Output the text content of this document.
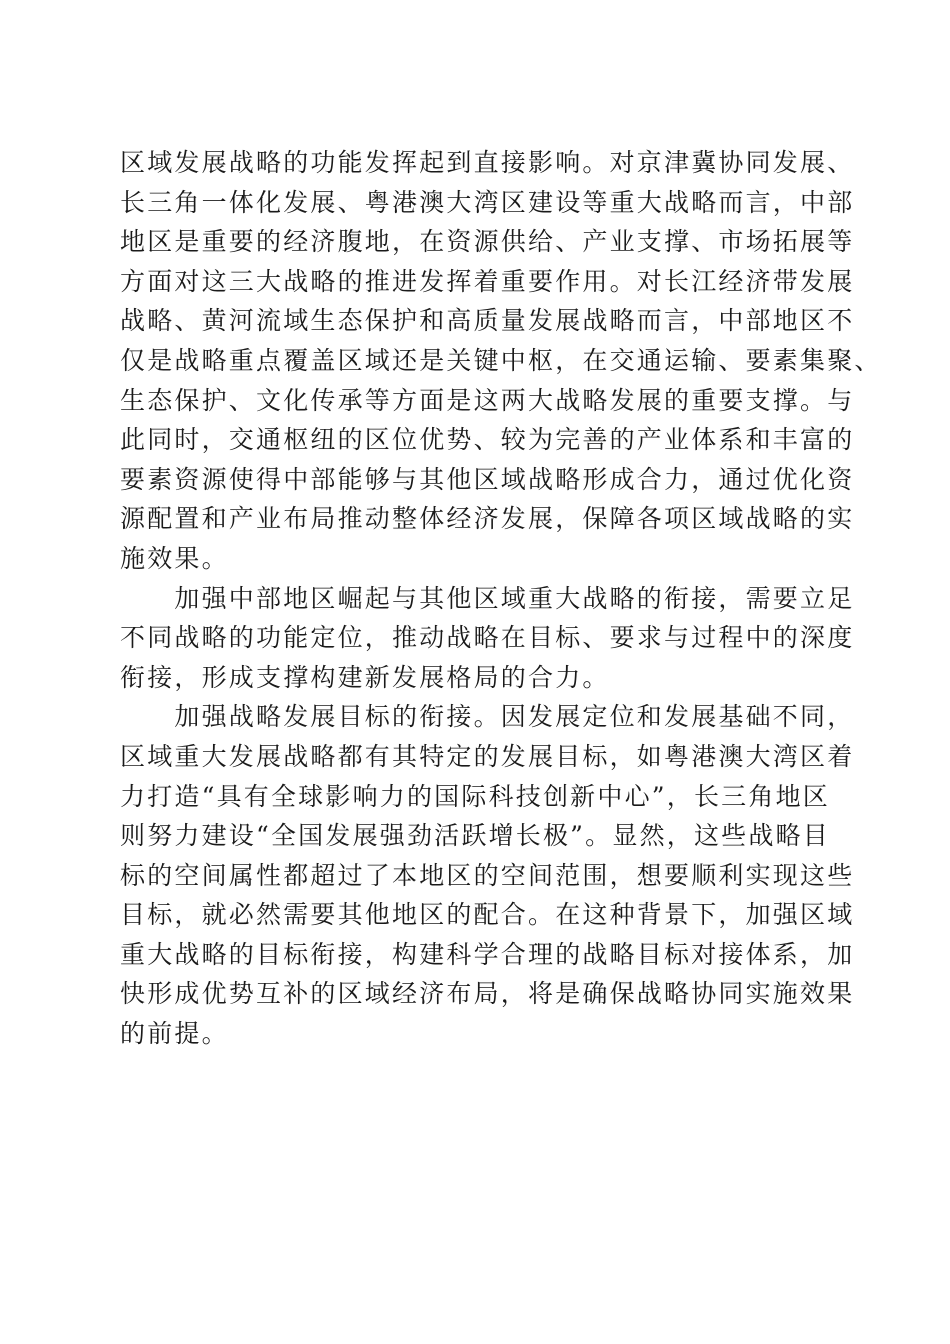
区域发展战略的功能发挥起到直接影响。对京津冀协同发展、
长三角一体化发展、粤港澳大湾区建设等重大战略而言，中部
地区是重要的经济腹地，在资源供给、产业支撑、市场拓展等
方面对这三大战略的推进发挥着重要作用。对长江经济带发展
战略、黄河流域生态保护和高质量发展战略而言，中部地区不
仅是战略重点覆盖区域还是关键中枢，在交通运输、要素集聚、
生态保护、文化传承等方面是这两大战略发展的重要支撑。与
此同时，交通枢纽的区位优势、较为完善的产业体系和丰富的
要素资源使得中部能够与其他区域战略形成合力，通过优化资
源配置和产业布局推动整体经济发展，保障各项区域战略的实
施效果。
　　加强中部地区崛起与其他区域重大战略的衔接，需要立足
不同战略的功能定位，推动战略在目标、要求与过程中的深度
衔接，形成支撑构建新发展格局的合力。
　　加强战略发展目标的衔接。因发展定位和发展基础不同，
区域重大发展战略都有其特定的发展目标，如粤港澳大湾区着
力打造“具有全球影响力的国际科技创新中心”，长三角地区
则努力建设“全国发展强劲活跃增长极”。显然，这些战略目
标的空间属性都超过了本地区的空间范围，想要顺利实现这些
目标，就必然需要其他地区的配合。在这种背景下，加强区域
重大战略的目标衔接，构建科学合理的战略目标对接体系，加
快形成优势互补的区域经济布局，将是确保战略协同实施效果
的前提。
